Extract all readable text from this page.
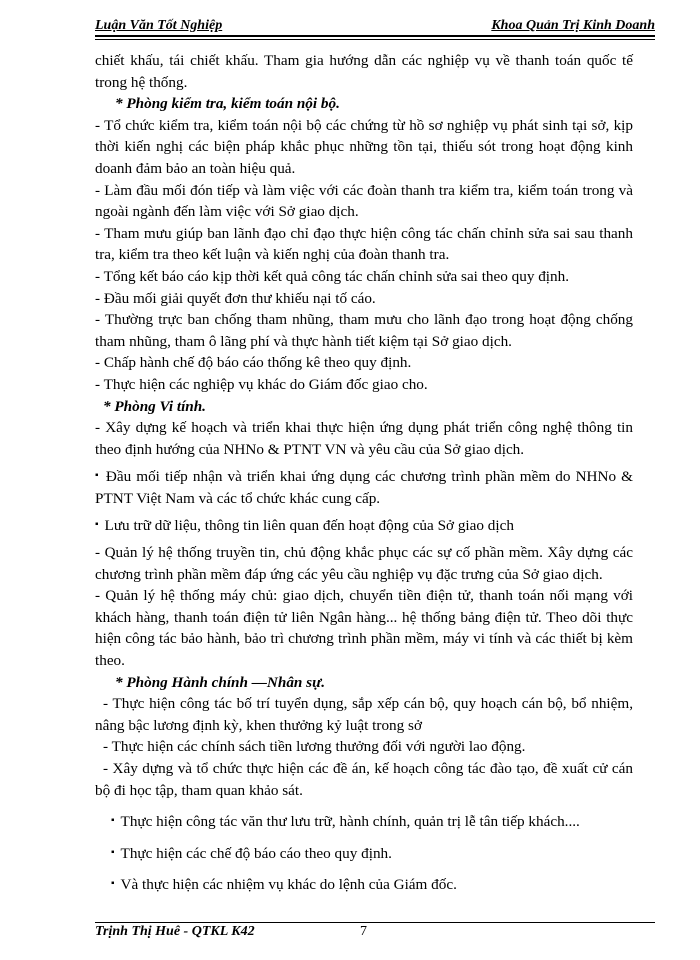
Luận Văn Tốt Nghiệp	Khoa Quản Trị Kinh Doanh

chiết khấu, tái chiết khấu. Tham gia hướng dẫn các nghiệp vụ về thanh toán quốc tế trong hệ thống.

* Phòng kiểm tra, kiểm toán nội bộ.

- Tổ chức kiểm tra, kiểm toán nội bộ các chứng từ hồ sơ nghiệp vụ phát sinh tại sở, kịp thời kiến nghị các biện pháp khắc phục những tồn tại, thiếu sót trong hoạt động kinh doanh đảm bảo an toàn hiệu quả.

- Làm đầu mối đón tiếp và làm việc với các đoàn thanh tra kiểm tra, kiểm toán trong và ngoài ngành đến làm việc với Sở giao dịch.

- Tham mưu giúp ban lãnh đạo chỉ đạo thực hiện công tác chấn chỉnh sửa sai sau thanh tra, kiểm tra theo kết luận và kiến nghị của đoàn thanh tra.

- Tổng kết báo cáo kịp thời kết quả công tác chấn chỉnh sửa sai theo quy định.

- Đầu mối giải quyết đơn thư khiếu nại tố cáo.

- Thường trực ban chống tham nhũng, tham mưu cho lãnh đạo trong hoạt động chống tham nhũng, tham ô lãng phí và thực hành tiết kiệm tại Sở giao dịch.

- Chấp hành chế độ báo cáo thống kê theo quy định.

- Thực hiện các nghiệp vụ khác do Giám đốc giao cho.

* Phòng Vi tính.

- Xây dựng kế hoạch và triển khai thực hiện ứng dụng phát triển công nghệ thông tin theo định hướng của NHNo & PTNT VN và yêu cầu của Sở giao dịch.

▪ Đầu mối tiếp nhận và triển khai ứng dụng các chương trình phần mềm do NHNo & PTNT Việt Nam và các tổ chức khác cung cấp.

▪ Lưu trữ dữ liệu, thông tin liên quan đến hoạt động của Sở giao dịch

- Quản lý hệ thống truyền tin, chủ động khắc phục các sự cố phần mềm. Xây dựng các chương trình phần mềm đáp ứng các yêu cầu nghiệp vụ đặc trưng của Sở giao dịch.

- Quản lý hệ thống máy chủ: giao dịch, chuyển tiền điện tử, thanh toán nối mạng với khách hàng, thanh toán điện tử liên Ngân hàng... hệ thống bảng điện tử. Theo dõi thực hiện công tác bảo hành, bảo trì chương trình phần mềm, máy vi tính và các thiết bị kèm theo.

* Phòng Hành chính —Nhân sự.

- Thực hiện công tác bố trí tuyển dụng, sắp xếp cán bộ, quy hoạch cán bộ, bổ nhiệm, nâng bậc lương định kỳ, khen thưởng kỷ luật trong sở

- Thực hiện các chính sách tiền lương thưởng đối với người lao động.

- Xây dựng và tổ chức thực hiện các đề án, kế hoạch công tác đào tạo, đề xuất cử cán bộ đi học tập, tham quan khảo sát.

▪ Thực hiện công tác văn thư lưu trữ, hành chính, quản trị lễ tân tiếp khách....

▪ Thực hiện các chế độ báo cáo theo quy định.

▪ Và thực hiện các nhiệm vụ khác do lệnh của Giám đốc.

Trịnh Thị Huê - QTKL K42	7
